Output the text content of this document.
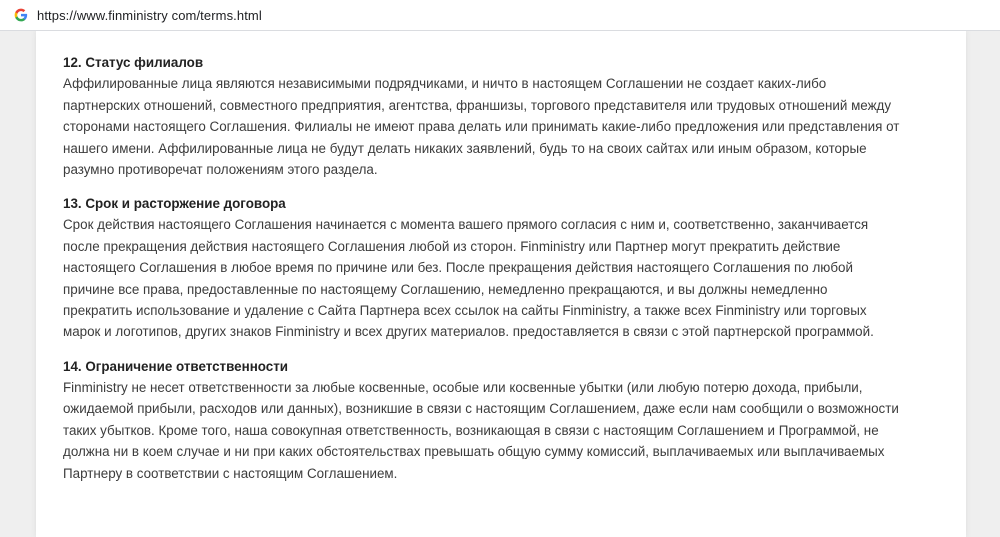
https://www.finministry com/terms.html

12. Статус филиалов

Аффилированные лица являются независимыми подрядчиками, и ничто в настоящем Соглашении не создает каких-либо
партнерских отношений, совместного предприятия, агентства, франшизы, торгового представителя или трудовых отношений между
сторонами настоящего Соглашения. Филиалы не имеют права делать или принимать какие-либо предложения или представления от
нашего имени. Аффилированные лица не будут делать никаких заявлений, будь то на своих сайтах или иным образом, которые
разумно противоречат положениям этого раздела.

13. Срок и расторжение договора

Срок действия настоящего Соглашения начинается с момента вашего прямого согласия с ним и, соответственно, заканчивается
после прекращения действия настоящего Соглашения любой из сторон. Finministry или Партнер могут прекратить действие
настоящего Соглашения в любое время по причине или без. После прекращения действия настоящего Соглашения по любой
причине все права, предоставленные по настоящему Соглашению, немедленно прекращаются, и вы должны немедленно
прекратить использование и удаление с Сайта Партнера всех ссылок на сайты Finministry, а также всех Finministry или торговых
марок и логотипов, других знаков Finministry и всех других материалов. предоставляется в связи с этой партнерской программой.

14. Ограничение ответственности

Finministry не несет ответственности за любые косвенные, особые или косвенные убытки (или любую потерю дохода, прибыли,
ожидаемой прибыли, расходов или данных), возникшие в связи с настоящим Соглашением, даже если нам сообщили о возможности
таких убытков. Кроме того, наша совокупная ответственность, возникающая в связи с настоящим Соглашением и Программой, не
должна ни в коем случае и ни при каких обстоятельствах превышать общую сумму комиссий, выплачиваемых или выплачиваемых
Партнеру в соответствии с настоящим Соглашением.
